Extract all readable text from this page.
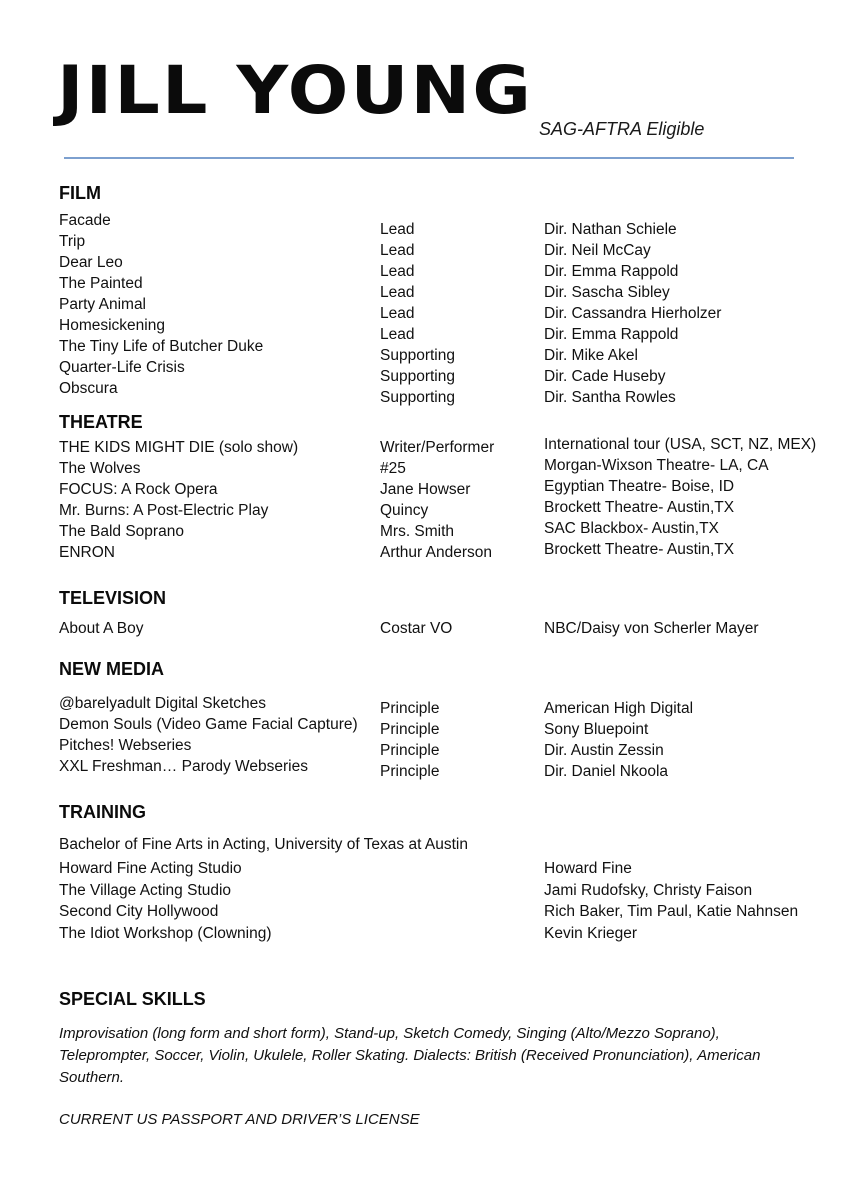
JILL YOUNG SAG-AFTRA Eligible
FILM
Facade
Trip
Dear Leo
The Painted
Party Animal
Homesickening
The Tiny Life of Butcher Duke
Quarter-Life Crisis
Obscura
Lead
Lead
Lead
Lead
Lead
Lead
Supporting
Supporting
Supporting
Dir. Nathan Schiele
Dir. Neil McCay
Dir. Emma Rappold
Dir. Sascha Sibley
Dir. Cassandra Hierholzer
Dir. Emma Rappold
Dir. Mike Akel
Dir. Cade Huseby
Dir. Santha Rowles
THEATRE
THE KIDS MIGHT DIE (solo show)
The Wolves
FOCUS: A Rock Opera
Mr. Burns: A Post-Electric Play
The Bald Soprano
ENRON
Writer/Performer
#25
Jane Howser
Quincy
Mrs. Smith
Arthur Anderson
International tour (USA, SCT, NZ, MEX)
Morgan-Wixson Theatre- LA, CA
Egyptian Theatre- Boise, ID
Brockett Theatre- Austin,TX
SAC Blackbox- Austin,TX
Brockett Theatre- Austin,TX
TELEVISION
About A Boy	Costar VO	NBC/Daisy von Scherler Mayer
NEW MEDIA
@barelyadult Digital Sketches
Demon Souls (Video Game Facial Capture)
Pitches! Webseries
XXL Freshman… Parody Webseries
Principle
Principle
Principle
Principle
American High Digital
Sony Bluepoint
Dir. Austin Zessin
Dir. Daniel Nkoola
TRAINING
Bachelor of Fine Arts in Acting, University of Texas at Austin
Howard Fine Acting Studio
The Village Acting Studio
Second City Hollywood
The Idiot Workshop (Clowning)
Howard Fine
Jami Rudofsky, Christy Faison
Rich Baker, Tim Paul, Katie Nahnsen
Kevin Krieger
SPECIAL SKILLS
Improvisation (long form and short form), Stand-up, Sketch Comedy, Singing (Alto/Mezzo Soprano), Teleprompter, Soccer, Violin, Ukulele, Roller Skating. Dialects: British (Received Pronunciation), American Southern.
CURRENT US PASSPORT AND DRIVER’S LICENSE
